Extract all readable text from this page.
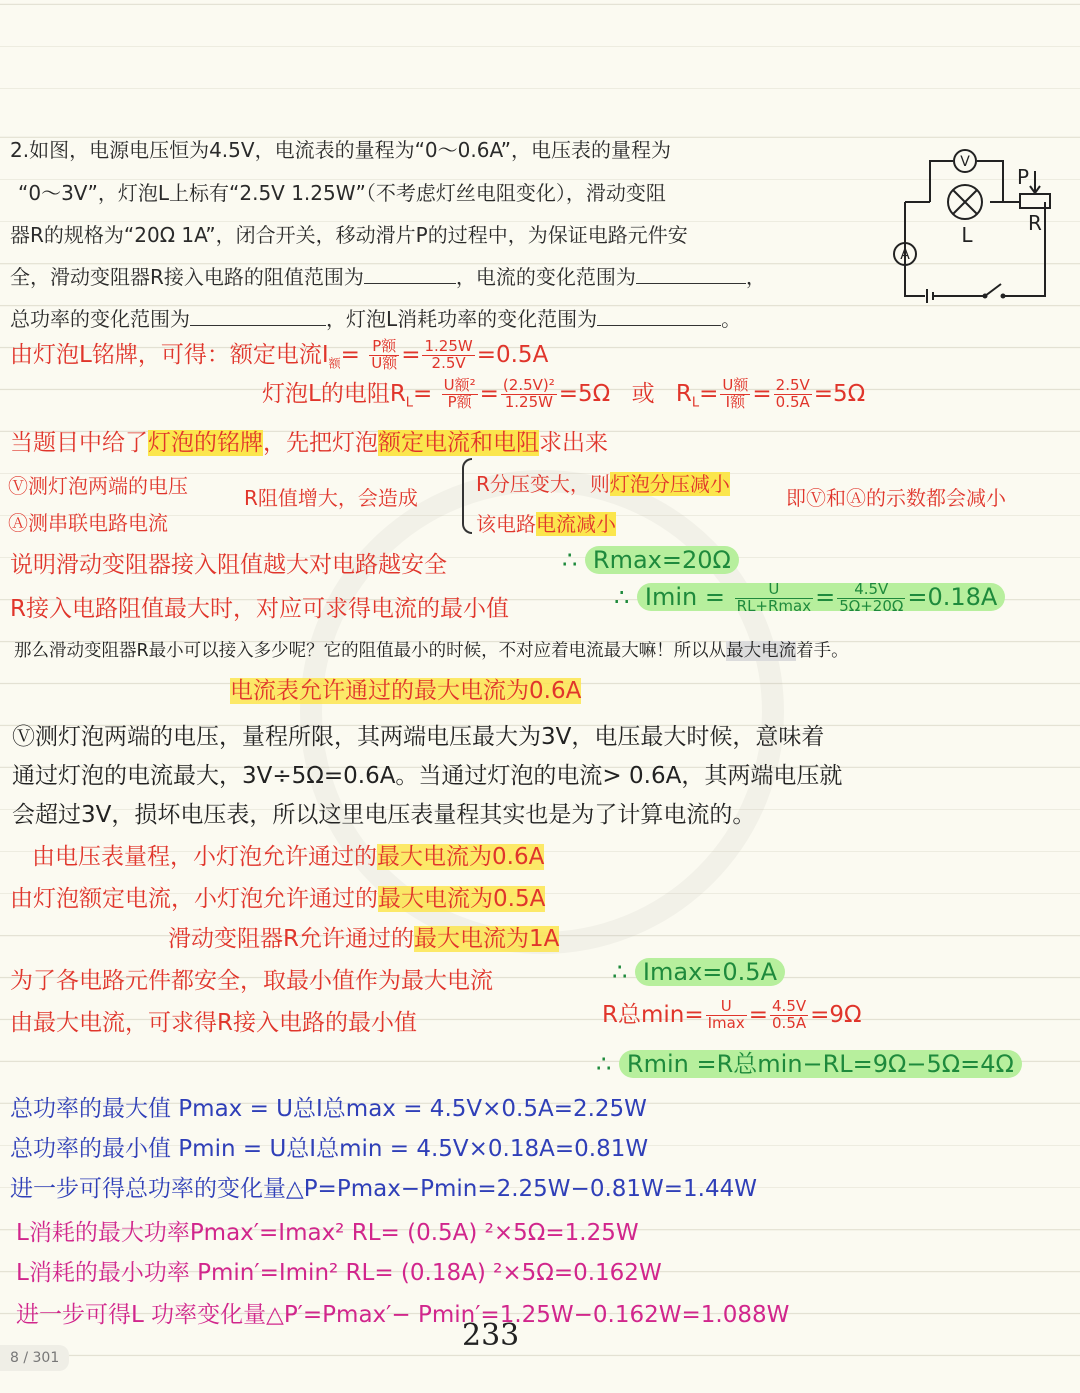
2.如图，电源电压恒为4.5V，电流表的量程为“0～0.6A”，电压表的量程为
“0～3V”，灯泡L上标有“2.5V 1.25W”（不考虑灯丝电阻变化），滑动变阻
器R的规格为“20Ω 1A”，闭合开关，移动滑片P的过程中，为保证电路元件安
全，滑动变阻器R接入电路的阻值范围为	，电流的变化范围为	，
总功率的变化范围为	，灯泡L消耗功率的变化范围为	。
V
A
L	R
P
由灯泡L铭牌，可得：额定电流$I_额= \frac{\text{P额}}{\text{U额}} = \frac{1.25W}{2.5V} =0.5A$
灯泡L的电阻$R_L= \frac{\text{U额²}}{\text{P额}} = \frac{\text{(2.5V)²}}{1.25W} =5\Omega$ 或 $R_L= \frac{\text{U额}}{\text{I额}} = \frac{2.5V}{0.5A} =5\Omega$
当题目中给了灯泡的铭牌，先把灯泡额定电流和电阻求出来
Ⓥ测灯泡两端的电压
Ⓐ测串联电路电流
R阻值增大，会造成
R分压变大，则灯泡分压减小
该电路电流减小
即Ⓥ和Ⓐ的示数都会减小
说明滑动变阻器接入阻值越大对电路越安全	∴ Rmax=20Ω
R接入电路阻值最大时，对应可求得电流的最小值	∴ $Imin = \frac{U}{RL+Rmax} = \frac{4.5V}{5\Omega+20\Omega} =0.18A$
那么滑动变阻器R最小可以接入多少呢？它的阻值最小的时候，不对应着电流最大嘛！所以从最大电流着手。
电流表允许通过的最大电流为0.6A
Ⓥ测灯泡两端的电压，量程所限，其两端电压最大为3V，电压最大时候，意味着
通过灯泡的电流最大，3V÷5Ω=0.6A。当通过灯泡的电流> 0.6A，其两端电压就
会超过3V，损坏电压表，所以这里电压表量程其实也是为了计算电流的。
由电压表量程，小灯泡允许通过的最大电流为0.6A
由灯泡额定电流，小灯泡允许通过的最大电流为0.5A
滑动变阻器R允许通过的最大电流为1A
为了各电路元件都安全，取最小值作为最大电流	∴ Imax=0.5A
由最大电流，可求得R接入电路的最小值	R总$\min= \frac{U}{Imax} = \frac{4.5V}{0.5A} =9\Omega$
∴ Rmin =R总min−RL=9Ω−5Ω=4Ω
总功率的最大值 Pmax = U总I总max = 4.5V×0.5A=2.25W
总功率的最小值 Pmin = U总I总min = 4.5V×0.18A=0.81W
进一步可得总功率的变化量△P=Pmax−Pmin=2.25W−0.81W=1.44W
L消耗的最大功率Pmax′=Imax² RL= (0.5A) ²×5Ω=1.25W
L消耗的最小功率 Pmin′=Imin² RL= (0.18A) ²×5Ω=0.162W
进一步可得L 功率变化量△P′=Pmax′− Pmin′=1.25W−0.162W=1.088W
233
8 / 301
